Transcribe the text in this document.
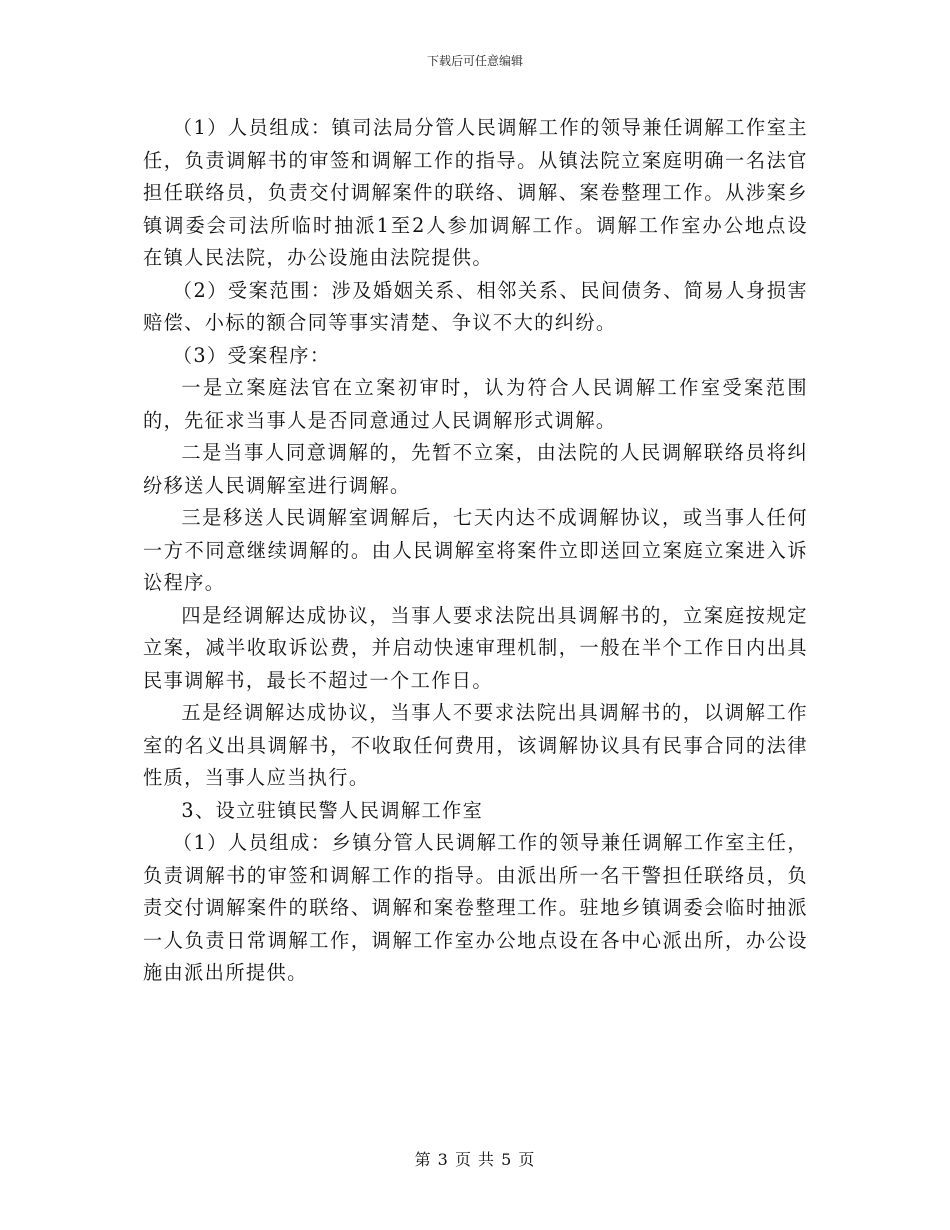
下载后可任意编辑

（1）人员组成：镇司法局分管人民调解工作的领导兼任调解工作室主任，负责调解书的审签和调解工作的指导。从镇法院立案庭明确一名法官担任联络员，负责交付调解案件的联络、调解、案卷整理工作。从涉案乡镇调委会司法所临时抽派1至2人参加调解工作。调解工作室办公地点设在镇人民法院，办公设施由法院提供。

（2）受案范围：涉及婚姻关系、相邻关系、民间债务、简易人身损害赔偿、小标的额合同等事实清楚、争议不大的纠纷。

（3）受案程序：

一是立案庭法官在立案初审时，认为符合人民调解工作室受案范围的，先征求当事人是否同意通过人民调解形式调解。

二是当事人同意调解的，先暂不立案，由法院的人民调解联络员将纠纷移送人民调解室进行调解。

三是移送人民调解室调解后，七天内达不成调解协议，或当事人任何一方不同意继续调解的。由人民调解室将案件立即送回立案庭立案进入诉讼程序。

四是经调解达成协议，当事人要求法院出具调解书的，立案庭按规定立案，减半收取诉讼费，并启动快速审理机制，一般在半个工作日内出具民事调解书，最长不超过一个工作日。

五是经调解达成协议，当事人不要求法院出具调解书的，以调解工作室的名义出具调解书，不收取任何费用，该调解协议具有民事合同的法律性质，当事人应当执行。

3、设立驻镇民警人民调解工作室

（1）人员组成：乡镇分管人民调解工作的领导兼任调解工作室主任，负责调解书的审签和调解工作的指导。由派出所一名干警担任联络员，负责交付调解案件的联络、调解和案卷整理工作。驻地乡镇调委会临时抽派一人负责日常调解工作，调解工作室办公地点设在各中心派出所，办公设施由派出所提供。

第 3 页 共 5 页
